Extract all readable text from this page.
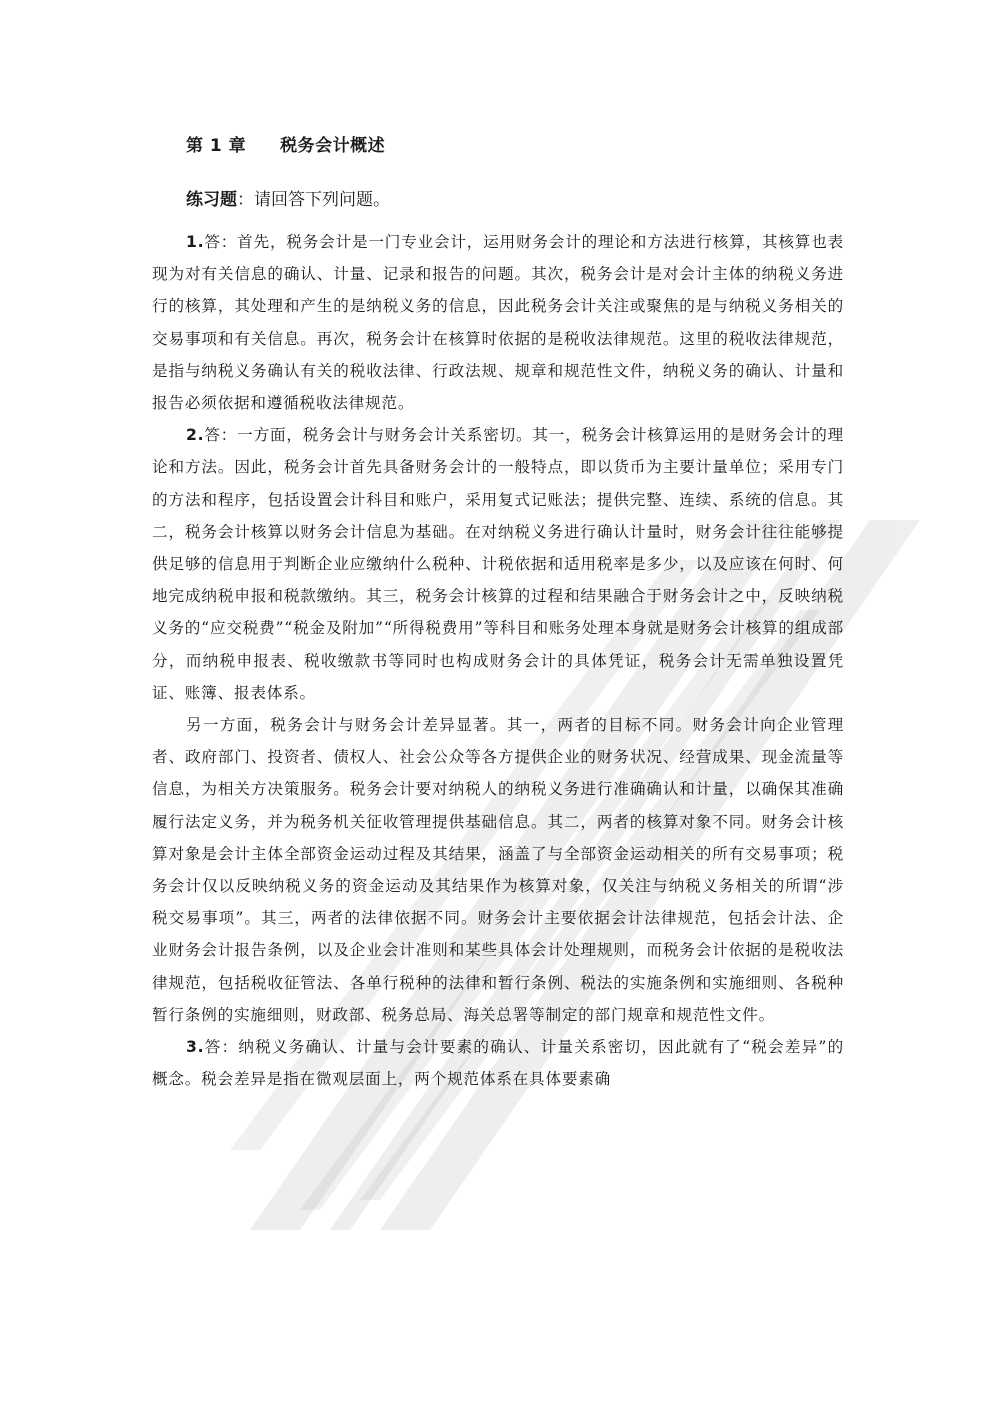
第 1 章 税务会计概述
练习题：请回答下列问题。

1.答：首先，税务会计是一门专业会计，运用财务会计的理论和方法进行核算，其核算也表现为对有关信息的确认、计量、记录和报告的问题。其次，税务会计是对会计主体的纳税义务进行的核算，其处理和产生的是纳税义务的信息，因此税务会计关注或聚焦的是与纳税义务相关的交易事项和有关信息。再次，税务会计在核算时依据的是税收法律规范。这里的税收法律规范，是指与纳税义务确认有关的税收法律、行政法规、规章和规范性文件，纳税义务的确认、计量和报告必须依据和遵循税收法律规范。

2.答：一方面，税务会计与财务会计关系密切。其一，税务会计核算运用的是财务会计的理论和方法。因此，税务会计首先具备财务会计的一般特点，即以货币为主要计量单位；采用专门的方法和程序，包括设置会计科目和账户，采用复式记账法；提供完整、连续、系统的信息。其二，税务会计核算以财务会计信息为基础。在对纳税义务进行确认计量时，财务会计往往能够提供足够的信息用于判断企业应缴纳什么税种、计税依据和适用税率是多少，以及应该在何时、何地完成纳税申报和税款缴纳。其三，税务会计核算的过程和结果融合于财务会计之中，反映纳税义务的“应交税费”“税金及附加”“所得税费用”等科目和账务处理本身就是财务会计核算的组成部分，而纳税申报表、税收缴款书等同时也构成财务会计的具体凭证，税务会计无需单独设置凭证、账簿、报表体系。

另一方面，税务会计与财务会计差异显著。其一，两者的目标不同。财务会计向企业管理者、政府部门、投资者、债权人、社会公众等各方提供企业的财务状况、经营成果、现金流量等信息，为相关方决策服务。税务会计要对纳税人的纳税义务进行准确确认和计量，以确保其准确履行法定义务，并为税务机关征收管理提供基础信息。其二，两者的核算对象不同。财务会计核算对象是会计主体全部资金运动过程及其结果，涵盖了与全部资金运动相关的所有交易事项；税务会计仅以反映纳税义务的资金运动及其结果作为核算对象，仅关注与纳税义务相关的所谓“涉税交易事项”。其三，两者的法律依据不同。财务会计主要依据会计法律规范，包括会计法、企业财务会计报告条例，以及企业会计准则和某些具体会计处理规则，而税务会计依据的是税收法律规范，包括税收征管法、各单行税种的法律和暂行条例、税法的实施条例和实施细则、各税种暂行条例的实施细则，财政部、税务总局、海关总署等制定的部门规章和规范性文件。

3.答：纳税义务确认、计量与会计要素的确认、计量关系密切，因此就有了“税会差异”的概念。税会差异是指在微观层面上，两个规范体系在具体要素确
